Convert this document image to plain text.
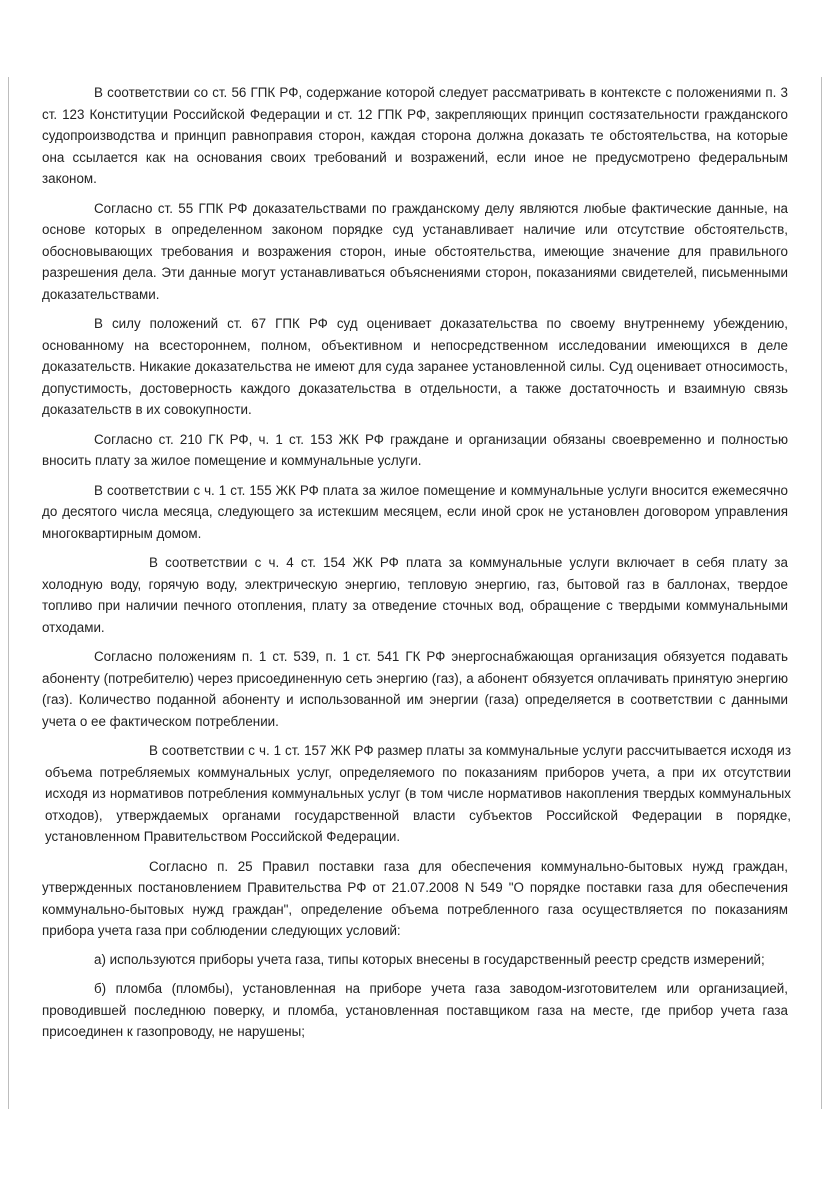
В соответствии со ст. 56 ГПК РФ, содержание которой следует рассматривать в контексте с положениями п. 3 ст. 123 Конституции Российской Федерации и ст. 12 ГПК РФ, закрепляющих принцип состязательности гражданского судопроизводства и принцип равноправия сторон, каждая сторона должна доказать те обстоятельства, на которые она ссылается как на основания своих требований и возражений, если иное не предусмотрено федеральным законом.

Согласно ст. 55 ГПК РФ доказательствами по гражданскому делу являются любые фактические данные, на основе которых в определенном законом порядке суд устанавливает наличие или отсутствие обстоятельств, обосновывающих требования и возражения сторон, иные обстоятельства, имеющие значение для правильного разрешения дела. Эти данные могут устанавливаться объяснениями сторон, показаниями свидетелей, письменными доказательствами.

В силу положений ст. 67 ГПК РФ суд оценивает доказательства по своему внутреннему убеждению, основанному на всестороннем, полном, объективном и непосредственном исследовании имеющихся в деле доказательств. Никакие доказательства не имеют для суда заранее установленной силы. Суд оценивает относимость, допустимость, достоверность каждого доказательства в отдельности, а также достаточность и взаимную связь доказательств в их совокупности.

Согласно ст. 210 ГК РФ, ч. 1 ст. 153 ЖК РФ граждане и организации обязаны своевременно и полностью вносить плату за жилое помещение и коммунальные услуги.

В соответствии с ч. 1 ст. 155 ЖК РФ плата за жилое помещение и коммунальные услуги вносится ежемесячно до десятого числа месяца, следующего за истекшим месяцем, если иной срок не установлен договором управления многоквартирным домом.

В соответствии с ч. 4 ст. 154 ЖК РФ плата за коммунальные услуги включает в себя плату за холодную воду, горячую воду, электрическую энергию, тепловую энергию, газ, бытовой газ в баллонах, твердое топливо при наличии печного отопления, плату за отведение сточных вод, обращение с твердыми коммунальными отходами.

Согласно положениям п. 1 ст. 539, п. 1 ст. 541 ГК РФ энергоснабжающая организация обязуется подавать абоненту (потребителю) через присоединенную сеть энергию (газ), а абонент обязуется оплачивать принятую энергию (газ). Количество поданной абоненту и использованной им энергии (газа) определяется в соответствии с данными учета о ее фактическом потреблении.

В соответствии с ч. 1 ст. 157 ЖК РФ размер платы за коммунальные услуги рассчитывается исходя из объема потребляемых коммунальных услуг, определяемого по показаниям приборов учета, а при их отсутствии исходя из нормативов потребления коммунальных услуг (в том числе нормативов накопления твердых коммунальных отходов), утверждаемых органами государственной власти субъектов Российской Федерации в порядке, установленном Правительством Российской Федерации.

Согласно п. 25 Правил поставки газа для обеспечения коммунально-бытовых нужд граждан, утвержденных постановлением Правительства РФ от 21.07.2008 N 549 "О порядке поставки газа для обеспечения коммунально-бытовых нужд граждан", определение объема потребленного газа осуществляется по показаниям прибора учета газа при соблюдении следующих условий:

а) используются приборы учета газа, типы которых внесены в государственный реестр средств измерений;

б) пломба (пломбы), установленная на приборе учета газа заводом-изготовителем или организацией, проводившей последнюю поверку, и пломба, установленная поставщиком газа на месте, где прибор учета газа присоединен к газопроводу, не нарушены;
